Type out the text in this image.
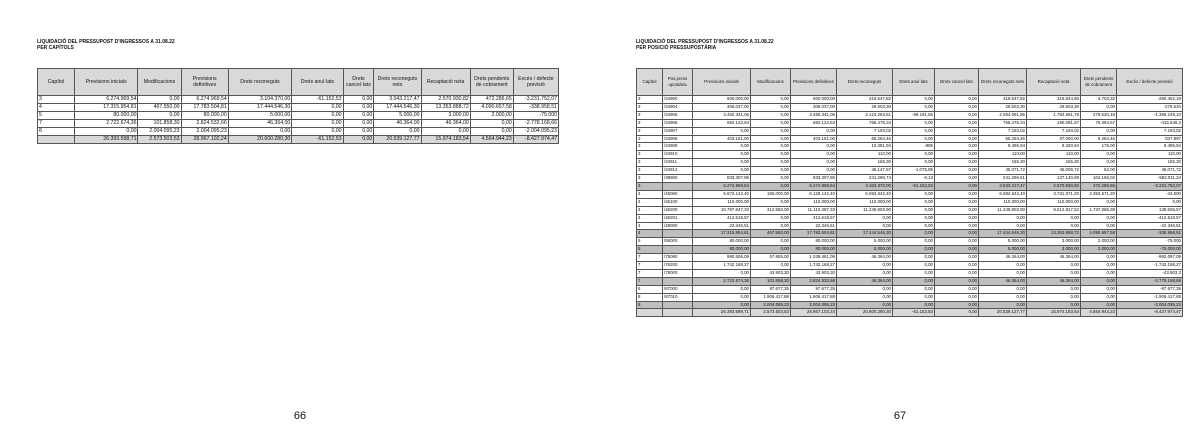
LIQUIDACIÓ DEL PRESSUPOST D'INGRESSOS A 31.08.22
PER CAPÍTOLS
Capítol	Previsions inicials	Modificacions	Previsions definitives	Drets reconeguts	Drets anul·lats	Drets cancel·lats	Drets reconeguts nets	Recaptació neta	Drets pendents de cobrament	Excés / defecte previsió
3	6.274.969,54	0,00	6.274.969,54	3.104.370,00	-61.152,53	0,00	3.043.217,47	2.570.930,82	472.286,65	-3.231.752,07
4	17.315.954,81	467.550,00	17.783.504,81	17.444.546,30	0,00	0,00	17.444.546,30	13.353.888,72	4.090.657,58	-338.958,51
5	80.000,00	0,00	80.000,00	5.000,00	0,00	0,00	5.000,00	3.000,00	2.000,00	-75.000
7	2.722.674,36	101.858,30	2.824.532,66	46.364,00	0,00	0,00	46.364,00	46.364,00	0,00	-2.778.168,66
8	0,00	2.004.095,23	2.004.095,23	0,00	0,00	0,00	0,00	0,00	0,00	-2.004.095,23
	26.393.598,71	2.573.503,53	28.967.102,24	20.600.280,30	-61.152,53	0,00	20.539.127,77	15.974.183,54	4.564.944,23	-8.427.974,47
66
LIQUIDACIÓ DEL PRESSUPOST D'INGRESSOS A 31.08.22
PER POSICIÓ PRESSUPOSTÀRIA
67
Capítol	Pos.press upostària	Previsions inicials	Modificacions	Previsions definitives	Drets reconeguts	Drets anul·lats	Drets cancel·lats	Drets reconeguts nets	Recaptació neta	Drets pendents de cobrament	Excés / defecte previsió
3	/34900	600.000,00	0,00	600.000,00	319.547,82	0,00	0,00	319.547,82	315.844,50	3.703,32	-280.452,18
3	/34904	306.037,00	0,00	306.037,00	29.503,30	0,00	0,00	29.503,30	29.503,30	0,00	-276.534
3	/34905	3.450.341,06	0,00	3.450.341,06	2.123.283,51	-59.191,55	0,00	2.064.091,96	1.784.561,78	279.530,18	-1.386.249,10
3	/34906	682.122,63	0,00	682.122,63	766.476,34	0,00	0,00	766.476,34	190.081,67	76.394,67	-415.646,3
3	/34907	0,00	0,00	0,00	7.193,02	0,00	0,00	7.193,02	7.193,02	0,00	7.193,02
3	/34908	403.161,00	0,00	403.161,00	65.264,46	0,00	0,00	65.264,46	57.000,00	8.264,46	-337.897
3	/34909	0,00	0,00	0,00	10.381,94	-885	0,00	9.496,94	9.320,94	176,00	9.496,94
3	/34910	0,00	0,00	0,00	110,00	0,00	0,00	110,00	110,00	0,00	110,00
3	/34911	0,00	0,00	0,00	165,30	0,00	0,00	165,30	165,30	0,00	165,30
3	/34912	0,00	0,00	0,00	46.147,57	-1.075,85	0,00	45.071,72	45.009,72	62,00	45.071,72
3	/39900	833.307,85	0,00	833.307,85	241.296,74	-0,13	0,00	241.296,61	137.140,59	104.156,02	-592.011,24
3		6.274.969,54	0,00	6.274.969,54	3.104.370,00	-61.152,53	0,00	3.043.217,47	2.570.930,82	472.286,65	-3.231.752,07
4	/45060	5.973.142,40	155.000,00	6.128.142,40	6.084.642,40	0,00	0,00	6.084.642,40	3.731.071,20	2.353.571,20	-43.500
4	/46100	110.000,00	0,00	110.000,00	110.000,00	0,00	0,00	110.000,00	110.000,00	0,00	0,00
4	/46200	10.797.847,33	312.550,00	11.110.397,33	11.249.903,90	0,00	0,00	11.249.903,90	9.512.817,52	1.737.086,38	139.506,57
4	/46201	412.618,57	0,00	412.618,57	0,00	0,00	0,00	0,00	0,00	0,00	-412.618,57
4	/49000	22.346,51	0,00	22.346,51	0,00	0,00	0,00	0,00	0,00	0,00	-22.346,51
4		17.315.954,81	467.550,00	17.783.504,81	17.444.546,30	0,00	0,00	17.444.546,30	13.353.888,72	4.090.657,58	-338.958,51
5	/55000	80.000,00	0,00	80.000,00	5.000,00	0,00	0,00	5.000,00	3.000,00	2.000,00	-75.000
5		80.000,00	0,00	80.000,00	5.000,00	0,00	0,00	5.000,00	3.000,00	2.000,00	-75.000,00
7	/75080	980.506,09	57.955,00	1.038.461,09	46.364,00	0,00	0,00	46.364,00	46.364,00	0,00	-992.097,09
7	/76200	1.742.168,27	0,00	1.742.168,27	0,00	0,00	0,00	0,00	0,00	0,00	-1.742.168,27
7	/79000	0,00	43.903,30	43.903,30	0,00	0,00	0,00	0,00	0,00	0,00	-43.903,3
7		2.722.674,36	101.858,30	2.824.532,66	46.364,00	0,00	0,00	46.364,00	46.364,00	0,00	-2.778.168,66
8	/87000	0,00	97.677,35	97.677,35	0,00	0,00	0,00	0,00	0,00	0,00	-97.677,35
8	/87010	0,00	1.906.417,88	1.906.417,88	0,00	0,00	0,00	0,00	0,00	0,00	-1.906.417,88
8		0,00	2.004.095,23	2.004.095,23	0,00	0,00	0,00	0,00	0,00	0,00	-2.004.095,23
		26.393.598,71	2.573.503,53	28.967.102,24	20.600.280,30	-61.152,53	0,00	20.539.127,77	15.974.183,54	4.564.944,23	-8.427.974,47
